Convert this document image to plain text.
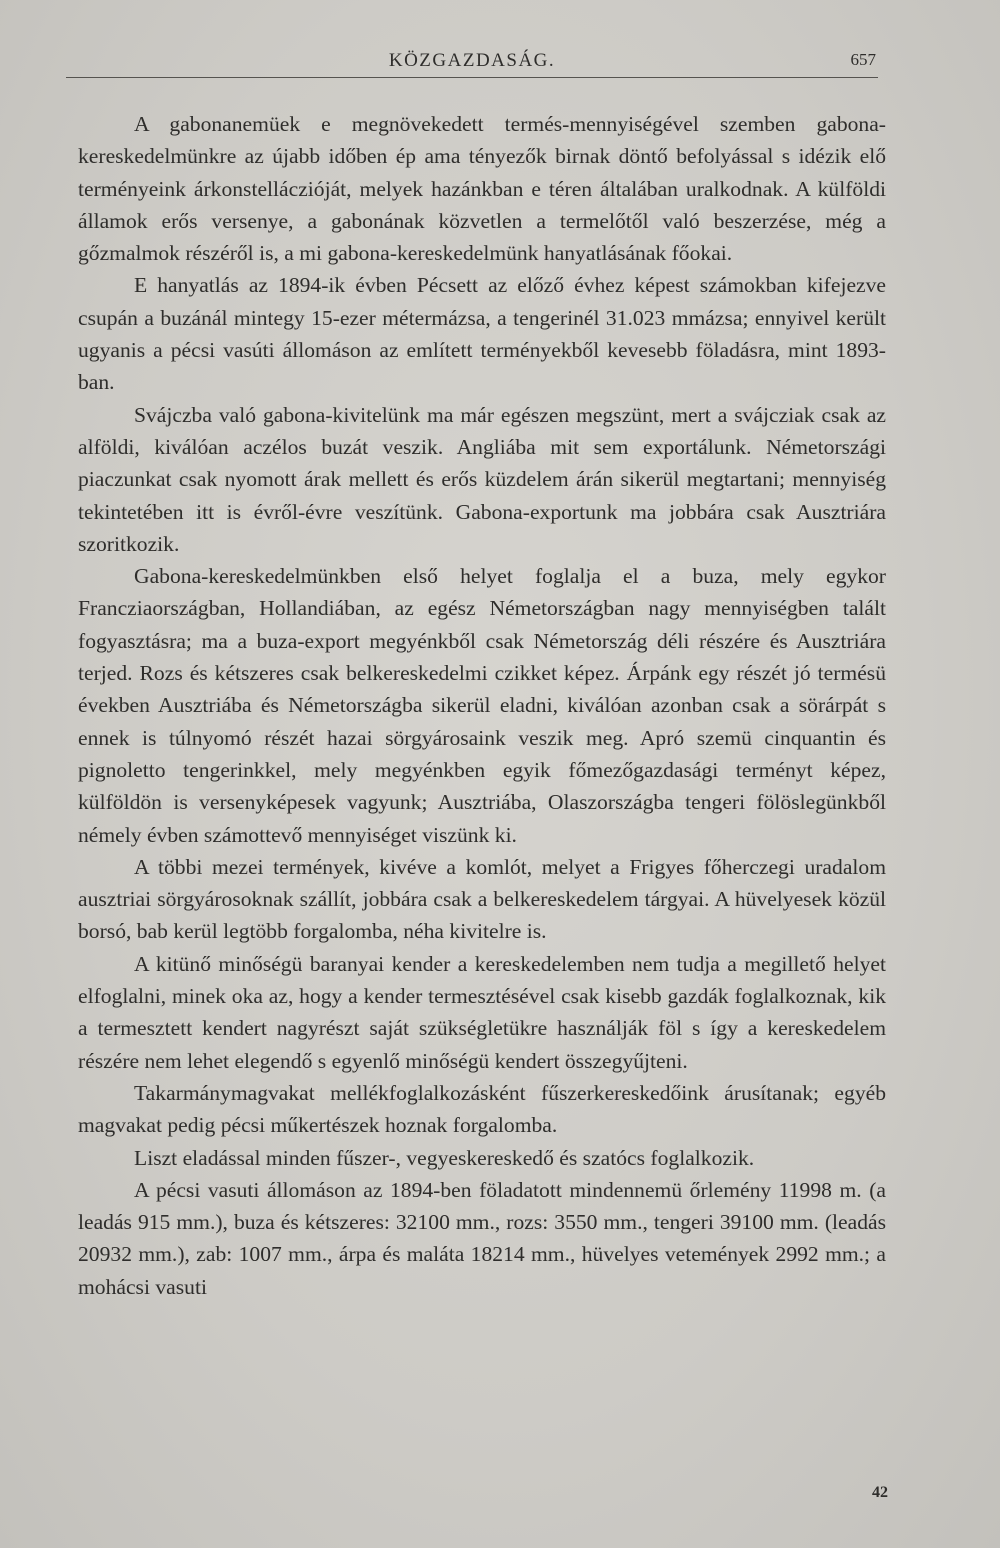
KÖZGAZDASÁG.	657

A gabonanemüek e megnövekedett termés-mennyiségével szemben gabona-kereskedelmünkre az újabb időben ép ama tényezők birnak döntő befolyással s idézik elő terményeink árkonstelláczióját, melyek hazánkban e téren általában uralkodnak. A külföldi államok erős versenye, a gabonának közvetlen a termelőtől való beszerzése, még a gőzmalmok részéről is, a mi gabona-kereskedelmünk hanyatlásának főokai.

E hanyatlás az 1894-ik évben Pécsett az előző évhez képest számokban kifejezve csupán a buzánál mintegy 15-ezer métermázsa, a tengerinél 31.023 mmázsa; ennyivel került ugyanis a pécsi vasúti állomáson az említett terményekből kevesebb föladásra, mint 1893-ban.

Svájczba való gabona-kivitelünk ma már egészen megszünt, mert a svájcziak csak az alföldi, kiválóan aczélos buzát veszik. Angliába mit sem exportálunk. Németországi piaczunkat csak nyomott árak mellett és erős küzdelem árán sikerül megtartani; mennyiség tekintetében itt is évről-évre veszítünk. Gabona-exportunk ma jobbára csak Ausztriára szoritkozik.

Gabona-kereskedelmünkben első helyet foglalja el a buza, mely egykor Francziaországban, Hollandiában, az egész Németországban nagy mennyiségben talált fogyasztásra; ma a buza-export megyénkből csak Németország déli részére és Ausztriára terjed. Rozs és kétszeres csak belkereskedelmi czikket képez. Árpánk egy részét jó termésü években Ausztriába és Németországba sikerül eladni, kiválóan azonban csak a sörárpát s ennek is túlnyomó részét hazai sörgyárosaink veszik meg. Apró szemü cinquantin és pignoletto tengerinkkel, mely megyénkben egyik főmezőgazdasági terményt képez, külföldön is versenyképesek vagyunk; Ausztriába, Olaszországba tengeri fölöslegünkből némely évben számottevő mennyiséget viszünk ki.

A többi mezei termények, kivéve a komlót, melyet a Frigyes főherczegi uradalom ausztriai sörgyárosoknak szállít, jobbára csak a belkereskedelem tárgyai. A hüvelyesek közül borsó, bab kerül legtöbb forgalomba, néha kivitelre is.

A kitünő minőségü baranyai kender a kereskedelemben nem tudja a megillető helyet elfoglalni, minek oka az, hogy a kender termesztésével csak kisebb gazdák foglalkoznak, kik a termesztett kendert nagyrészt saját szükségletükre használják föl s így a kereskedelem részére nem lehet elegendő s egyenlő minőségü kendert összegyűjteni.

Takarmánymagvakat mellékfoglalkozásként fűszerkereskedőink árusítanak; egyéb magvakat pedig pécsi műkertészek hoznak forgalomba.

Liszt eladással minden fűszer-, vegyeskereskedő és szatócs foglalkozik.

A pécsi vasuti állomáson az 1894-ben föladatott mindennemü őrlemény 11998 m. (a leadás 915 mm.), buza és kétszeres: 32100 mm., rozs: 3550 mm., tengeri 39100 mm. (leadás 20932 mm.), zab: 1007 mm., árpa és maláta 18214 mm., hüvelyes vetemények 2992 mm.; a mohácsi vasuti

42
